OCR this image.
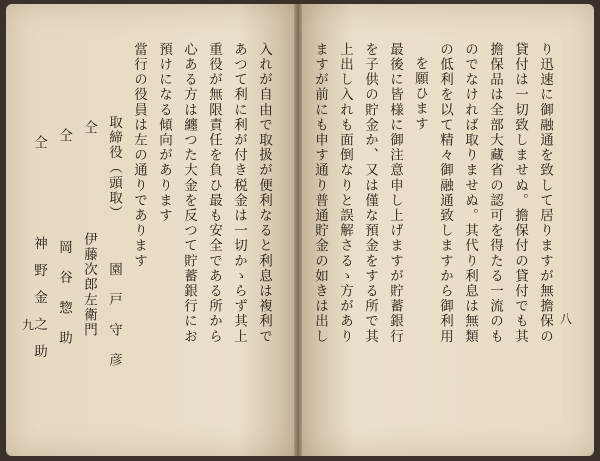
八
り迅速に御融通を致して居りますが無擔保の
貸付は一切致しませぬ。擔保付の貸付でも其
擔保品は全部大藏省の認可を得たる一流のも
のでなければ取りませぬ。其代り利息は無類
の低利を以て精々御融通致しますから御利用
を願ひます
最後に皆様に御注意申し上げますが貯蓄銀行
を子供の貯金か、又は僅な預金をする所で其
上出し入れも面倒なりと誤解さるゝ方があり
ますが前にも申す通り普通貯金の如きは出し
入れが自由で取扱が便利なると利息は複利で
あつて利に利が付き税金は一切かゝらず其上
重役が無限責任を負ひ最も安全である所から
心ある方は纏つた大金を反つて貯蓄銀行にお
預けになる傾向があります
當行の役員は左の通りであります
取締役（頭取）
園　戸　守　彦
仝
伊藤次郎左衛門
仝
岡　谷　惣　助
仝
神　野　金　之　助
九
